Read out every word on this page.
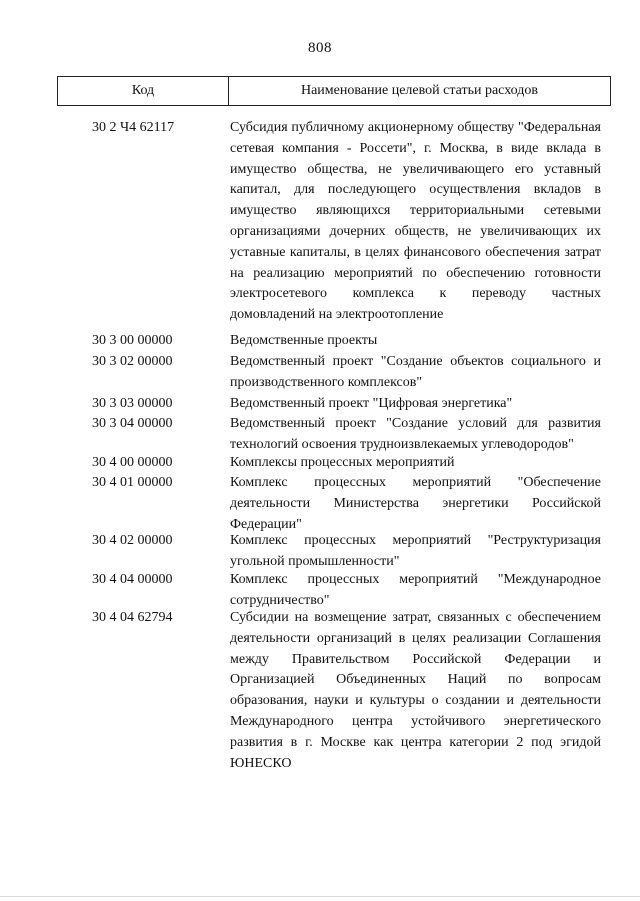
808
Код	Наименование целевой статьи расходов
30 2 Ч4 62117	Субсидия публичному акционерному обществу "Федеральная сетевая компания - Россети", г. Москва, в виде вклада в имущество общества, не увеличивающего его уставный капитал, для последующего осуществления вкладов в имущество являющихся территориальными сетевыми организациями дочерних обществ, не увеличивающих их уставные капиталы, в целях финансового обеспечения затрат на реализацию мероприятий по обеспечению готовности электросетевого комплекса к переводу частных домовладений на электроотопление
30 3 00 00000	Ведомственные проекты
30 3 02 00000	Ведомственный проект "Создание объектов социального и производственного комплексов"
30 3 03 00000	Ведомственный проект "Цифровая энергетика"
30 3 04 00000	Ведомственный проект "Создание условий для развития технологий освоения трудноизвлекаемых углеводородов"
30 4 00 00000	Комплексы процессных мероприятий
30 4 01 00000	Комплекс процессных мероприятий "Обеспечение деятельности Министерства энергетики Российской Федерации"
30 4 02 00000	Комплекс процессных мероприятий "Реструктуризация угольной промышленности"
30 4 04 00000	Комплекс процессных мероприятий "Международное сотрудничество"
30 4 04 62794	Субсидии на возмещение затрат, связанных с обеспечением деятельности организаций в целях реализации Соглашения между Правительством Российской Федерации и Организацией Объединенных Наций по вопросам образования, науки и культуры о создании и деятельности Международного центра устойчивого энергетического развития в г. Москве как центра категории 2 под эгидой ЮНЕСКО
